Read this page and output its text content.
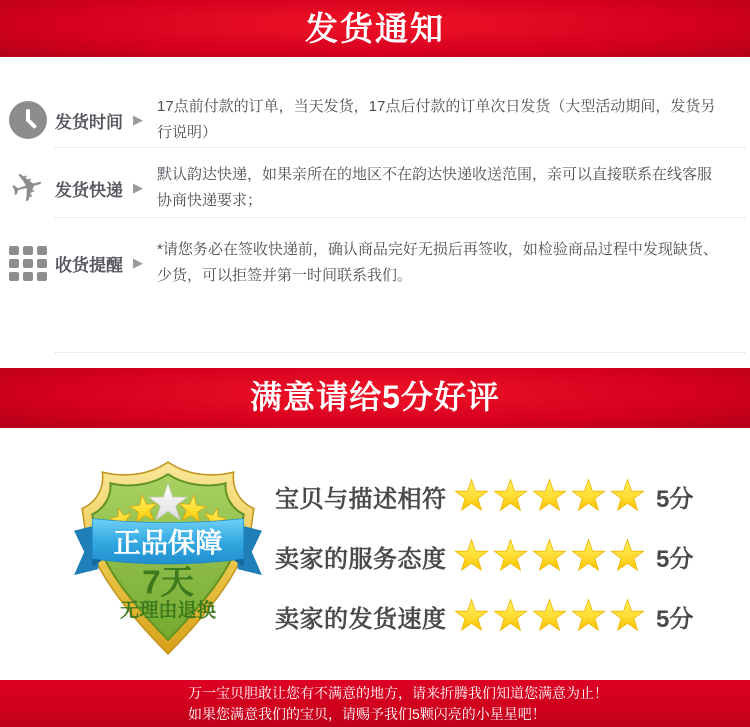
发货通知
发货时间 ▶
17点前付款的订单，当天发货，17点后付款的订单次日发货（大型活动期间，发货另行说明）
✈ 发货快递 ▶
默认韵达快递，如果亲所在的地区不在韵达快递收送范围，亲可以直接联系在线客服协商快递要求；
收货提醒 ▶
*请您务必在签收快递前，确认商品完好无损后再签收，如检验商品过程中发现缺货、少货，可以拒签并第一时间联系我们。
满意请给5分好评
正品保障
7天
无理由退换
宝贝与描述相符	5分
卖家的服务态度	5分
卖家的发货速度	5分
万一宝贝胆敢让您有不满意的地方，请来折腾我们知道您满意为止！
如果您满意我们的宝贝，请赐予我们5颗闪亮的小星星吧！
